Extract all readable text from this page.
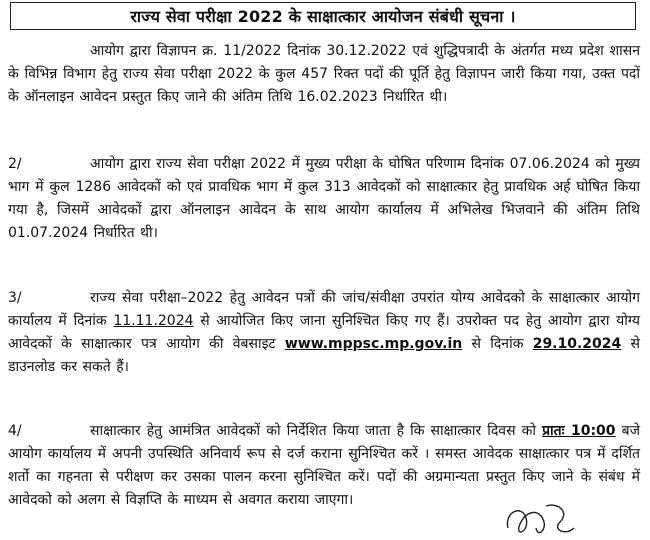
राज्य सेवा परीक्षा 2022 के साक्षात्कार आयोजन संबंधी सूचना ।
आयोग द्वारा विज्ञापन क्र. 11/2022 दिनांक 30.12.2022 एवं शुद्धिपत्रादी के अंतर्गत मध्य प्रदेश शासन के विभिन्न विभाग हेतु राज्य सेवा परीक्षा 2022 के कुल 457 रिक्त पदों की पूर्ति हेतु विज्ञापन जारी किया गया, उक्त पदों के ऑनलाइन आवेदन प्रस्तुत किए जाने की अंतिम तिथि 16.02.2023 निर्धारित थी।
2/	आयोग द्वारा राज्य सेवा परीक्षा 2022 में मुख्य परीक्षा के घोषित परिणाम दिनांक 07.06.2024 को मुख्य भाग में कुल 1286 आवेदकों को एवं प्रावधिक भाग में कुल 313 आवेदकों को साक्षात्कार हेतु प्रावधिक अर्ह घोषित किया गया है, जिसमें आवेदकों द्वारा ऑनलाइन आवेदन के साथ आयोग कार्यालय में अभिलेख भिजवाने की अंतिम तिथि 01.07.2024 निर्धारित थी।
3/	राज्य सेवा परीक्षा–2022 हेतु आवेदन पत्रों की जांच/संवीक्षा उपरांत योग्य आवेदको के साक्षात्कार आयोग कार्यालय में दिनांक 11.11.2024 से आयोजित किए जाना सुनिश्चित किए गए हैं। उपरोक्त पद हेतु आयोग द्वारा योग्य आवेदकों के साक्षात्कार पत्र आयोग की वेबसाइट www.mppsc.mp.gov.in से दिनांक 29.10.2024 से डाउनलोड कर सकते हैं।
4/	साक्षात्कार हेतु आमंत्रित आवेदकों को निर्देशित किया जाता है कि साक्षात्कार दिवस को प्रातः 10:00 बजे आयोग कार्यालय में अपनी उपस्थिति अनिवार्य रूप से दर्ज कराना सुनिश्चित करें । समस्त आवेदक साक्षात्कार पत्र में दर्शित शर्तो का गहनता से परीक्षण कर उसका पालन करना सुनिश्चित करें। पदों की अग्रमान्यता प्रस्तुत किए जाने के संबंध में आवेदको को अलग से विज्ञप्ति के माध्यम से अवगत कराया जाएगा।
